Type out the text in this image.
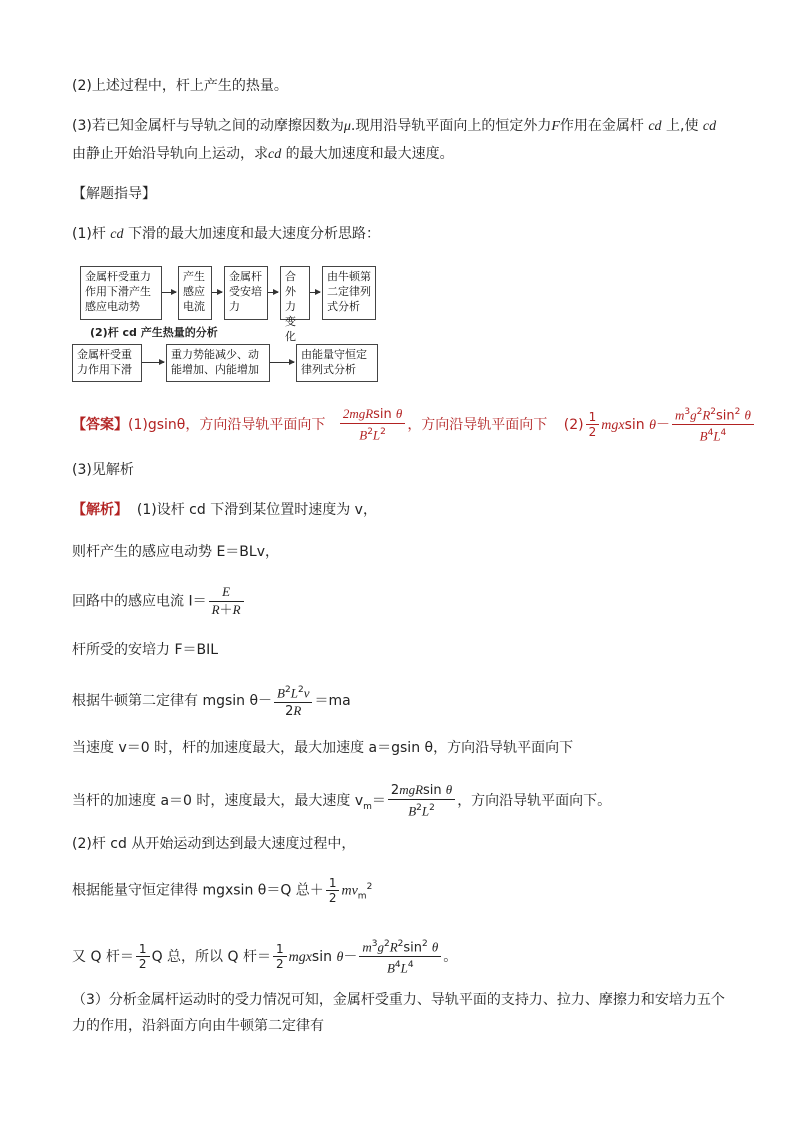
(2)上述过程中，杆上产生的热量。
(3)若已知金属杆与导轨之间的动摩擦因数为μ.现用沿导轨平面向上的恒定外力F作用在金属杆 cd 上,使 cd
由静止开始沿导轨向上运动，求cd 的最大加速度和最大速度。
【解题指导】
(1)杆 cd 下滑的最大加速度和最大速度分析思路：
金属杆受重力作用下滑产生感应电动势
产生感应电流
金属杆受安培力
合外力变化
由牛顿第二定律列式分析
(2)杆 cd 产生热量的分析
金属杆受重力作用下滑
重力势能减少、动能增加、内能增加
由能量守恒定律列式分析
【答案】(1)gsinθ，方向沿导轨平面向下 $\frac{\text{2mgRsin θ}}{B^2L^2}$ ，方向沿导轨平面向下 $(2) \frac{1}{2}$ mgxsin $\theta- \frac{m^3g^2R^2\sin^2 \theta}{B^4L^4}$
(3)见解析
【解析】 (1)设杆 cd 下滑到某位置时速度为 v，
则杆产生的感应电动势 E＝BLv，
回路中的感应电流 $I= \frac{E}{R+R}$
杆所受的安培力 F＝BIL
根据牛顿第二定律有 mgsin $\theta- \frac{B^2L^2v}{2R} =ma$
当速度 v＝0 时，杆的加速度最大，最大加速度 a＝gsin θ，方向沿导轨平面向下
当杆的加速度 a＝0 时，速度最大，最大速度 $v_m= \frac{\text{2mgRsin θ}}{B^2L^2}$ ，方向沿导轨平面向下。
(2)杆 cd 从开始运动到达到最大速度过程中，
根据能量守恒定律得 mgxsin θ＝Q 总＋ $\frac{1}{2} mv_m^2$
又 Q 杆＝ $\frac{1}{2}$ Q 总，所以 Q 杆＝ $\frac{1}{2}$ mgxsin $\theta- \frac{m^3g^2R^2\sin^2 \theta}{B^4L^4}$ 。
（3）分析金属杆运动时的受力情况可知，金属杆受重力、导轨平面的支持力、拉力、摩擦力和安培力五个
力的作用，沿斜面方向由牛顿第二定律有
